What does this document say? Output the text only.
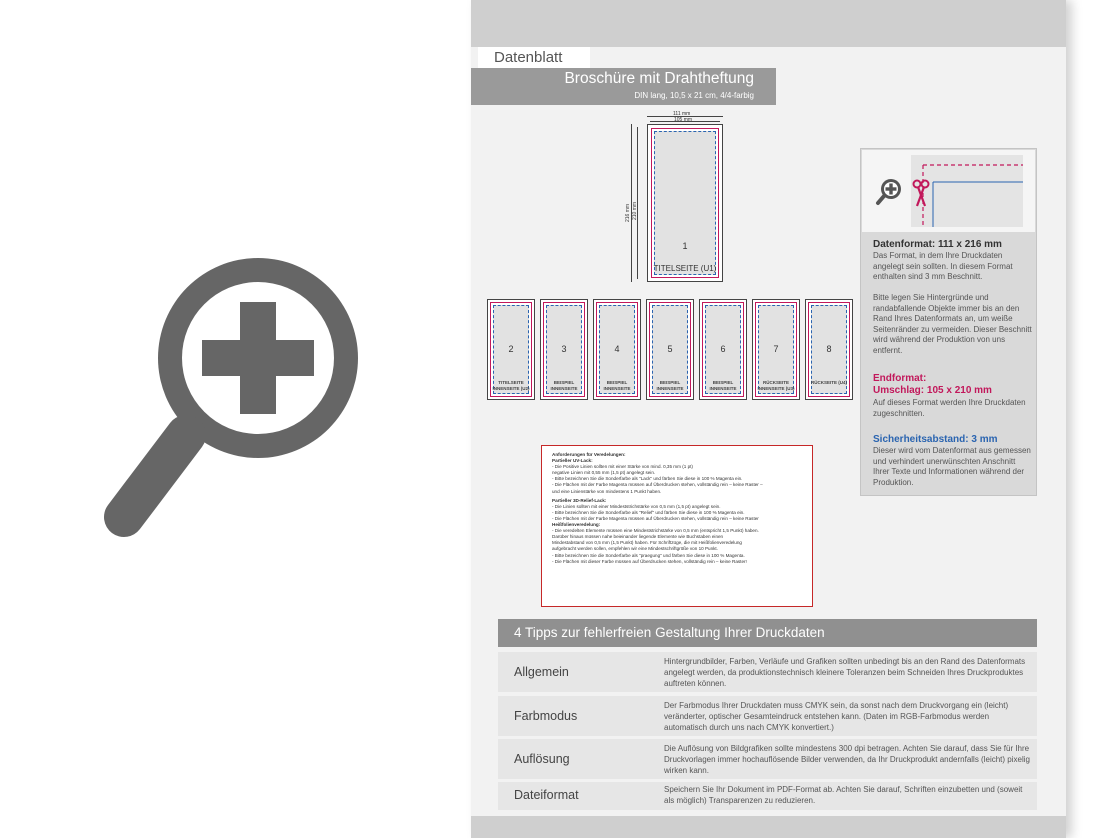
Datenblatt
Broschüre mit Drahtheftung
DIN lang, 10,5 x 21 cm, 4/4-farbig
111 mm
105 mm
216 mm 210 mm
1
TITELSEITE (U1)
2
TITELSEITE
INNENSEITE (U2)
3
BEISPIEL
INNENSEITE
4
BEISPIEL
INNENSEITE
5
BEISPIEL
INNENSEITE
6
BEISPIEL
INNENSEITE
7
RÜCKSEITE
INNENSEITE (U3)
8
RÜCKSEITE (U4)
Datenformat: 111 x 216 mm
Das Format, in dem Ihre Druckdaten angelegt sein sollten. In diesem Format enthalten sind 3 mm Beschnitt.
Bitte legen Sie Hintergründe und randabfallende Objekte immer bis an den Rand Ihres Datenformats an, um weiße Seitenränder zu vermeiden. Dieser Beschnitt wird während der Produktion von uns entfernt.
Endformat:
Umschlag: 105 x 210 mm
Auf dieses Format werden Ihre Druckdaten zugeschnitten.
Sicherheitsabstand: 3 mm
Dieser wird vom Datenformat aus gemessen und verhindert unerwünschten Anschnitt Ihrer Texte und Informationen während der Produktion.
Anforderungen für Veredelungen:
Partieller UV-Lack:
- Die Positive Linien sollten mit einer Stärke von mind. 0,35 mm (1 pt)
negative Linien mit 0,55 mm (1,5 pt) angelegt sein.
- Bitte bezeichnen Sie die Sonderfarbe als "Lack" und färben Sie diese in 100 % Magenta ein.
- Die Flächen mit der Farbe Magenta müssen auf Überdrucken stehen, vollständig rein – keine Raster –
und eine Linienstärke von mindestens 1 Punkt haben.
Partieller 3D-Relief-Lack:
- Die Linien sollten mit einer Mindeststrichstärke von 0,5 mm (1,5 pt) angelegt sein.
- Bitte bezeichnen Sie die Sonderfarbe als "Relief" und färben Sie diese in 100 % Magenta ein.
- Die Flächen mit der Farbe Magenta müssen auf Überdrucken stehen, vollständig rein – keine Raster
Heißfolienveredelung:
- Die veredelten Elemente müssen eine Mindeststrichstärke von 0,5 mm (entspricht 1,5 Punkt) haben.
Darüber hinaus müssen nahe beieinander liegende Elemente wie Buchstaben einen
Mindestabstand von 0,5 mm (1,5 Punkt) haben. Für Schriftzüge, die mit Heißfolienveredelung
aufgebracht werden sollen, empfehlen wir eine Mindestschriftgröße von 10 Punkt.
- Bitte bezeichnen Sie die Sonderfarbe als "praegung" und färben Sie diese in 100 % Magenta.
- Die Flächen mit dieser Farbe müssen auf Überdrucken stehen, vollständig rein – keine Raster!
4 Tipps zur fehlerfreien Gestaltung Ihrer Druckdaten
Allgemein
Hintergrundbilder, Farben, Verläufe und Grafiken sollten unbedingt bis an den Rand des Datenformats angelegt werden, da produktionstechnisch kleinere Toleranzen beim Schneiden Ihres Druckproduktes auftreten können.
Farbmodus
Der Farbmodus Ihrer Druckdaten muss CMYK sein, da sonst nach dem Druckvorgang ein (leicht) veränderter, optischer Gesamteindruck entstehen kann. (Daten im RGB-Farbmodus werden automatisch durch uns nach CMYK konvertiert.)
Auflösung
Die Auflösung von Bildgrafiken sollte mindestens 300 dpi betragen. Achten Sie darauf, dass Sie für Ihre Druckvorlagen immer hochauflösende Bilder verwenden, da Ihr Druckprodukt andernfalls (leicht) pixelig wirken kann.
Dateiformat	Speichern Sie Ihr Dokument im PDF-Format ab. Achten Sie darauf, Schriften einzubetten und (soweit als möglich) Transparenzen zu reduzieren.
